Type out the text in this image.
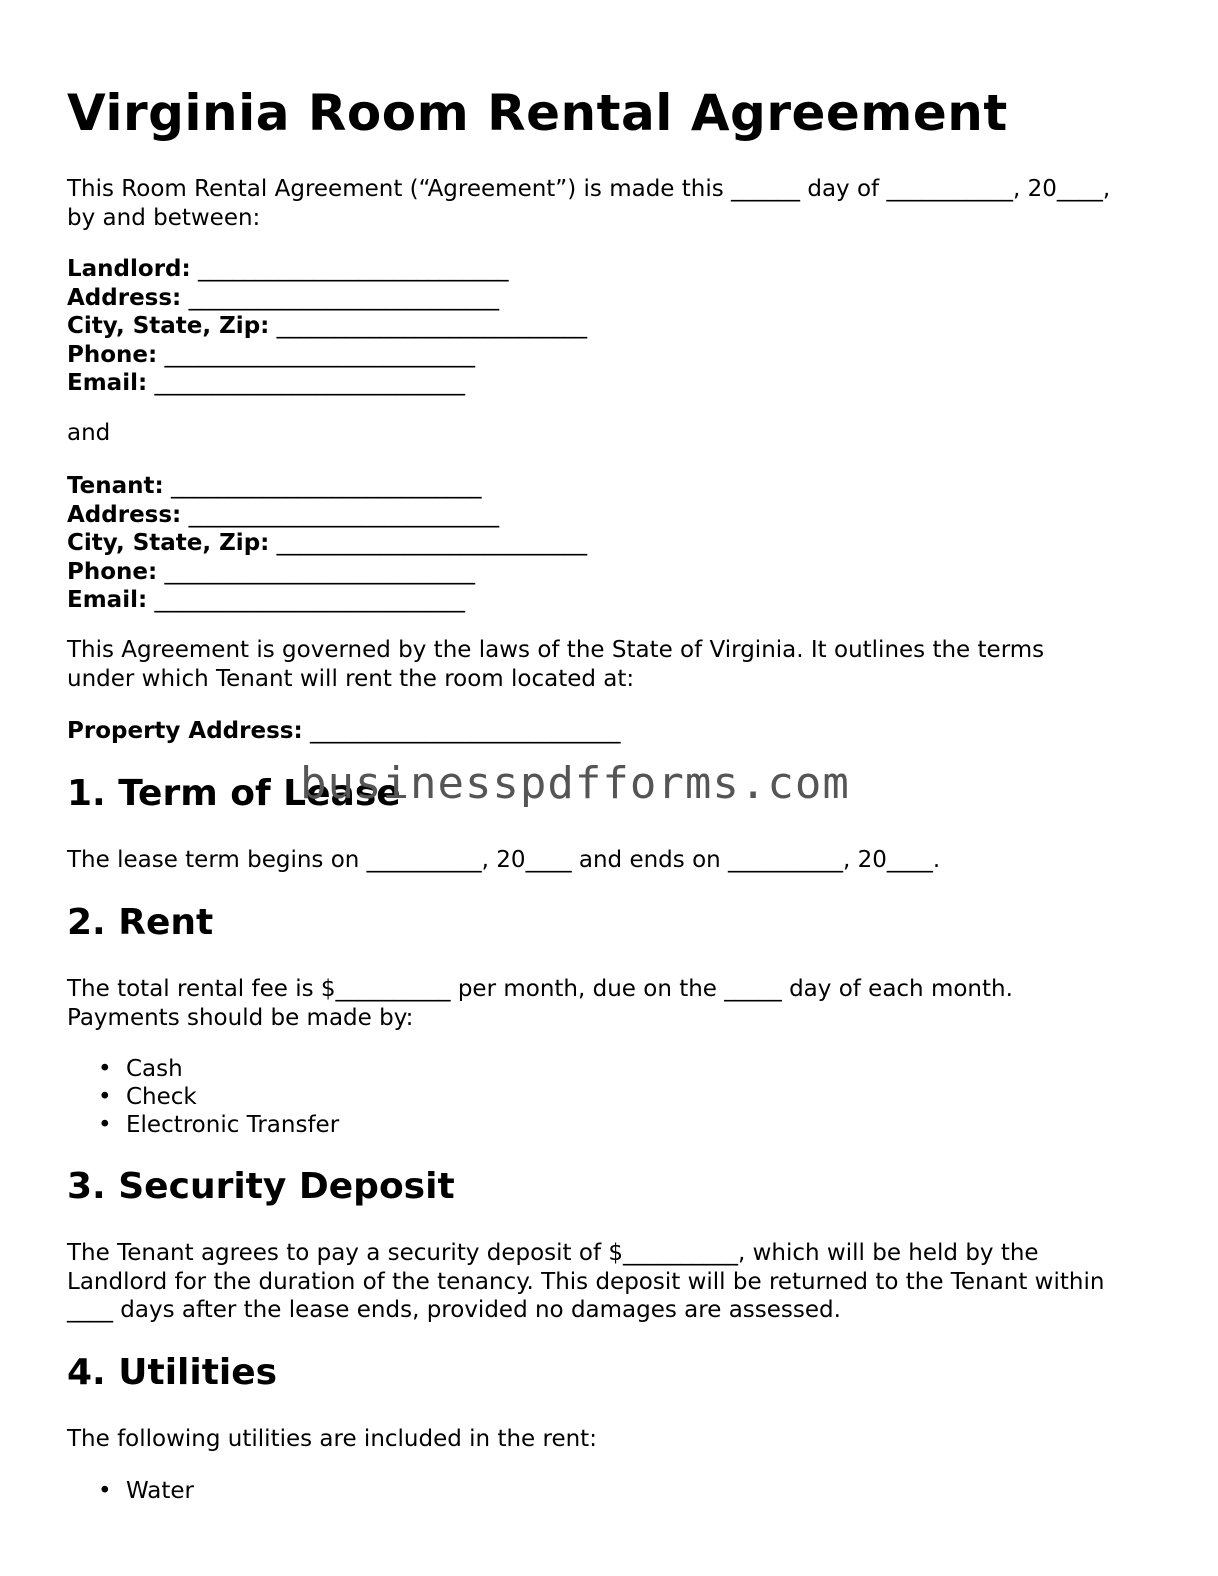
Virginia Room Rental Agreement

This Room Rental Agreement (“Agreement”) is made this ______ day of ___________, 20____,
by and between:

Landlord: ___________________________
Address: ___________________________
City, State, Zip: ___________________________
Phone: ___________________________
Email: ___________________________

and

Tenant: ___________________________
Address: ___________________________
City, State, Zip: ___________________________
Phone: ___________________________
Email: ___________________________

This Agreement is governed by the laws of the State of Virginia. It outlines the terms
under which Tenant will rent the room located at:

Property Address: ___________________________

1. Term of Lease

The lease term begins on __________, 20____ and ends on __________, 20____.

2. Rent

The total rental fee is $__________ per month, due on the _____ day of each month.
Payments should be made by:

• Cash
• Check
• Electronic Transfer
3. Security Deposit

The Tenant agrees to pay a security deposit of $__________, which will be held by the
Landlord for the duration of the tenancy. This deposit will be returned to the Tenant within
____ days after the lease ends, provided no damages are assessed.

4. Utilities

The following utilities are included in the rent:

• Water
businesspdfforms.com
